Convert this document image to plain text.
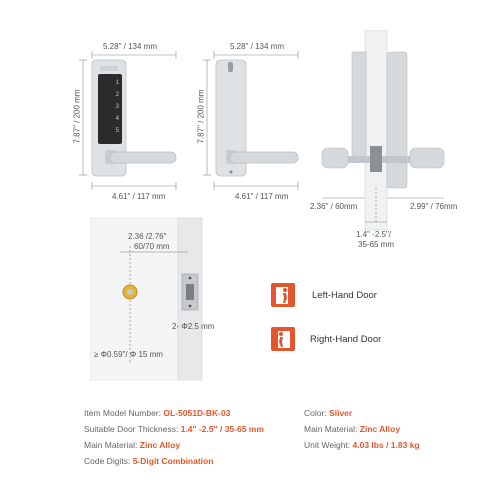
1
2
3
4
5
5.28" / 134 mm
7.87" / 200 mm
4.61" / 117 mm
5.28" / 134 mm
7.87" / 200 mm
4.61" / 117 mm
2.36" / 60mm	2.99" / 76mm
1.4" -2.5"/
35-65 mm
2.36 /2.76"
60/70 mm
2- Φ2.5 mm
≥ Φ0.59"/ Φ 15 mm
Left-Hand Door
Right-Hand Door
Item Model Number: OL-5051D-BK-03
Suitable Door Thickness: 1.4" -2.5" / 35-65 mm
Main Material: Zinc Alloy
Code Digits: 5-Digit Combination
Color: Sliver
Main Material: Zinc Alloy
Unit Weight: 4.03 lbs / 1.83 kg
